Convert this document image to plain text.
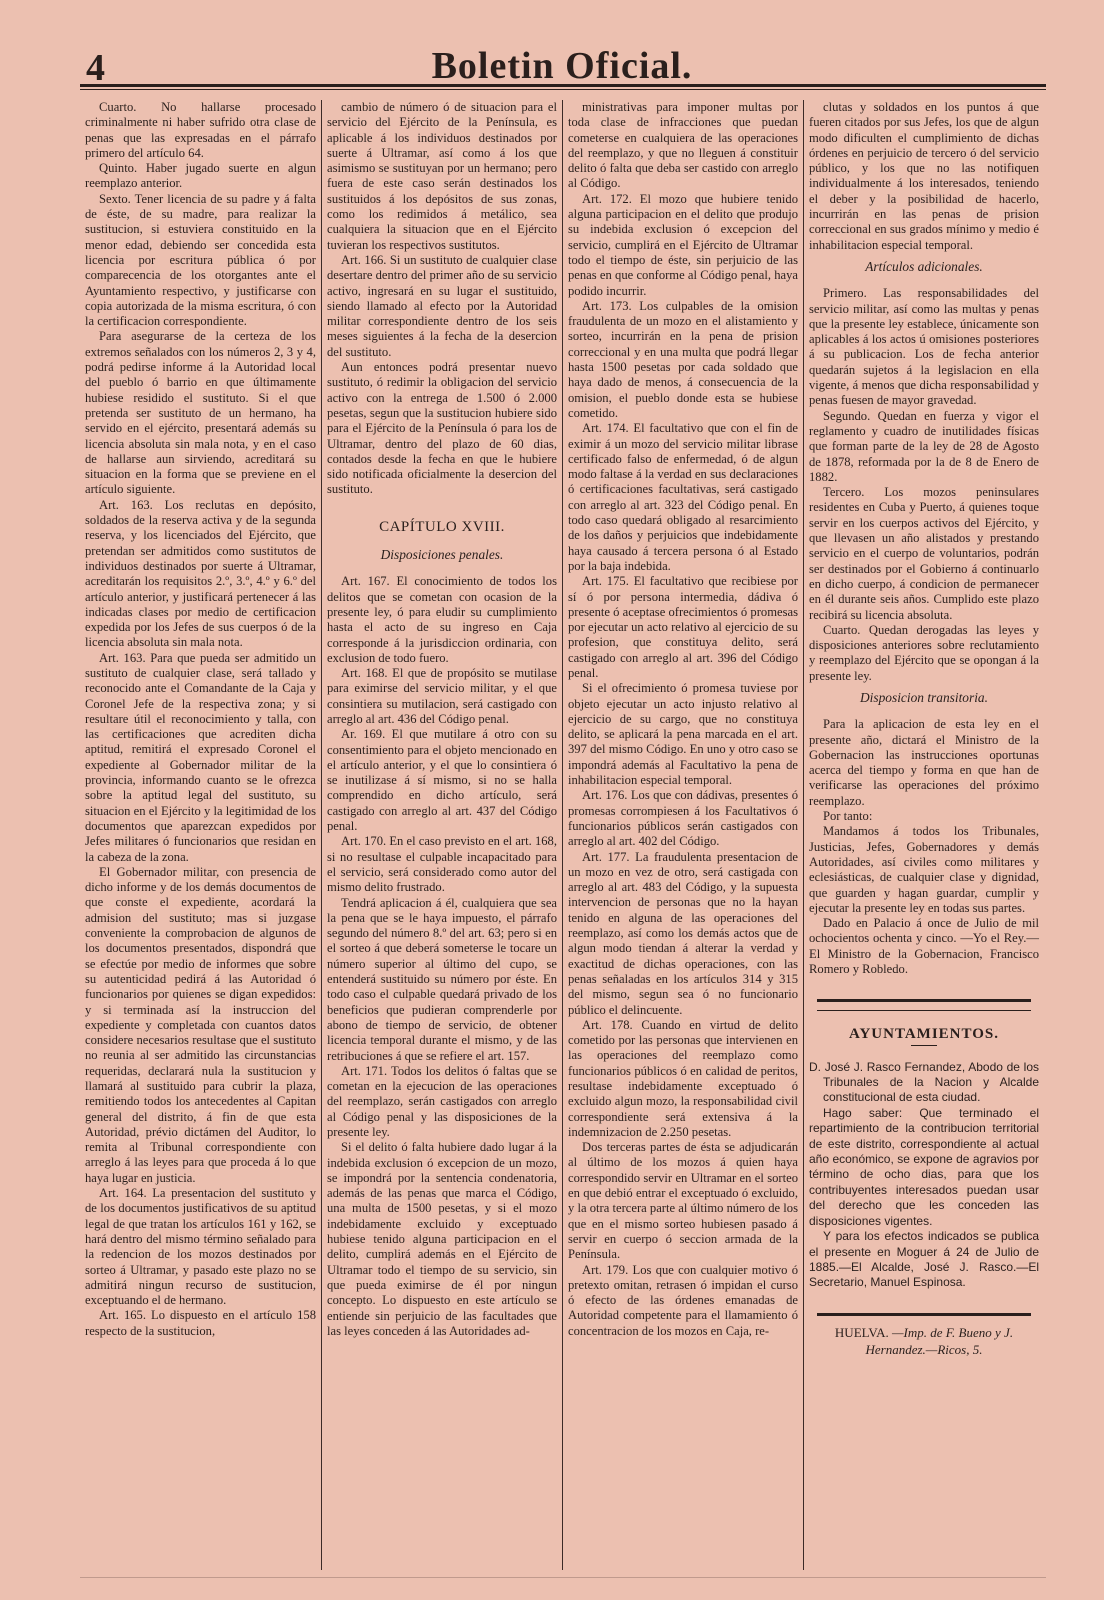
4	Boletin Oficial.

Cuarto. No hallarse procesado criminalmente ni haber sufrido otra clase de penas que las expresadas en el párrafo primero del artículo 64.

Quinto. Haber jugado suerte en algun reemplazo anterior.

Sexto. Tener licencia de su padre y á falta de éste, de su madre, para realizar la sustitucion, si estuviera constituido en la menor edad, debiendo ser concedida esta licencia por escritura pública ó por comparecencia de los otorgantes ante el Ayuntamiento respectivo, y justificarse con copia autorizada de la misma escritura, ó con la certificacion correspondiente.

Para asegurarse de la certeza de los extremos señalados con los números 2, 3 y 4, podrá pedirse informe á la Autoridad local del pueblo ó barrio en que últimamente hubiese residido el sustituto. Si el que pretenda ser sustituto de un hermano, ha servido en el ejército, presentará además su licencia absoluta sin mala nota, y en el caso de hallarse aun sirviendo, acreditará su situacion en la forma que se previene en el artículo siguiente.

Art. 163. Los reclutas en depósito, soldados de la reserva activa y de la segunda reserva, y los licenciados del Ejército, que pretendan ser admitidos como sustitutos de individuos destinados por suerte á Ultramar, acreditarán los requisitos 2.º, 3.º, 4.º y 6.º del artículo anterior, y justificará pertenecer á las indicadas clases por medio de certificacion expedida por los Jefes de sus cuerpos ó de la licencia absoluta sin mala nota.

Art. 163. Para que pueda ser admitido un sustituto de cualquier clase, será tallado y reconocido ante el Comandante de la Caja y Coronel Jefe de la respectiva zona; y si resultare útil el reconocimiento y talla, con las certificaciones que acrediten dicha aptitud, remitirá el expresado Coronel el expediente al Gobernador militar de la provincia, informando cuanto se le ofrezca sobre la aptitud legal del sustituto, su situacion en el Ejército y la legitimidad de los documentos que aparezcan expedidos por Jefes militares ó funcionarios que residan en la cabeza de la zona.

El Gobernador militar, con presencia de dicho informe y de los demás documentos de que conste el expediente, acordará la admision del sustituto; mas si juzgase conveniente la comprobacion de algunos de los documentos presentados, dispondrá que se efectúe por medio de informes que sobre su autenticidad pedirá á las Autoridad ó funcionarios por quienes se digan expedidos: y si terminada así la instruccion del expediente y completada con cuantos datos considere necesarios resultase que el sustituto no reunia al ser admitido las circunstancias requeridas, declarará nula la sustitucion y llamará al sustituido para cubrir la plaza, remitiendo todos los antecedentes al Capitan general del distrito, á fin de que esta Autoridad, prévio dictámen del Auditor, lo remita al Tribunal correspondiente con arreglo á las leyes para que proceda á lo que haya lugar en justicia.

Art. 164. La presentacion del sustituto y de los documentos justificativos de su aptitud legal de que tratan los artículos 161 y 162, se hará dentro del mismo término señalado para la redencion de los mozos destinados por sorteo á Ultramar, y pasado este plazo no se admitirá ningun recurso de sustitucion, exceptuando el de hermano.

Art. 165. Lo dispuesto en el artículo 158 respecto de la sustitucion,

cambio de número ó de situacion para el servicio del Ejército de la Península, es aplicable á los individuos destinados por suerte á Ultramar, así como á los que asimismo se sustituyan por un hermano; pero fuera de este caso serán destinados los sustituidos á los depósitos de sus zonas, como los redimidos á metálico, sea cualquiera la situacion que en el Ejército tuvieran los respectivos sustitutos.

Art. 166. Si un sustituto de cualquier clase desertare dentro del primer año de su servicio activo, ingresará en su lugar el sustituido, siendo llamado al efecto por la Autoridad militar correspondiente dentro de los seis meses siguientes á la fecha de la desercion del sustituto.

Aun entonces podrá presentar nuevo sustituto, ó redimir la obligacion del servicio activo con la entrega de 1.500 ó 2.000 pesetas, segun que la sustitucion hubiere sido para el Ejército de la Península ó para los de Ultramar, dentro del plazo de 60 dias, contados desde la fecha en que le hubiere sido notificada oficialmente la desercion del sustituto.

CAPÍTULO XVIII.

Disposiciones penales.

Art. 167. El conocimiento de todos los delitos que se cometan con ocasion de la presente ley, ó para eludir su cumplimiento hasta el acto de su ingreso en Caja corresponde á la jurisdiccion ordinaria, con exclusion de todo fuero.

Art. 168. El que de propósito se mutilase para eximirse del servicio militar, y el que consintiera su mutilacion, será castigado con arreglo al art. 436 del Código penal.

Ar. 169. El que mutilare á otro con su consentimiento para el objeto mencionado en el artículo anterior, y el que lo consintiera ó se inutilizase á sí mismo, si no se halla comprendido en dicho artículo, será castigado con arreglo al art. 437 del Código penal.

Art. 170. En el caso previsto en el art. 168, si no resultase el culpable incapacitado para el servicio, será considerado como autor del mismo delito frustrado.

Tendrá aplicacion á él, cualquiera que sea la pena que se le haya impuesto, el párrafo segundo del número 8.º del art. 63; pero si en el sorteo á que deberá someterse le tocare un número superior al último del cupo, se entenderá sustituido su número por éste. En todo caso el culpable quedará privado de los beneficios que pudieran comprenderle por abono de tiempo de servicio, de obtener licencia temporal durante el mismo, y de las retribuciones á que se refiere el art. 157.

Art. 171. Todos los delitos ó faltas que se cometan en la ejecucion de las operaciones del reemplazo, serán castigados con arreglo al Código penal y las disposiciones de la presente ley.

Si el delito ó falta hubiere dado lugar á la indebida exclusion ó excepcion de un mozo, se impondrá por la sentencia condenatoria, además de las penas que marca el Código, una multa de 1500 pesetas, y si el mozo indebidamente excluido y exceptuado hubiese tenido alguna participacion en el delito, cumplirá además en el Ejército de Ultramar todo el tiempo de su servicio, sin que pueda eximirse de él por ningun concepto. Lo dispuesto en este artículo se entiende sin perjuicio de las facultades que las leyes conceden á las Autoridades ad-

ministrativas para imponer multas por toda clase de infracciones que puedan cometerse en cualquiera de las operaciones del reemplazo, y que no lleguen á constituir delito ó falta que deba ser castido con arreglo al Código.

Art. 172. El mozo que hubiere tenido alguna participacion en el delito que produjo su indebida exclusion ó excepcion del servicio, cumplirá en el Ejército de Ultramar todo el tiempo de éste, sin perjuicio de las penas en que conforme al Código penal, haya podido incurrir.

Art. 173. Los culpables de la omision fraudulenta de un mozo en el alistamiento y sorteo, incurrirán en la pena de prision correccional y en una multa que podrá llegar hasta 1500 pesetas por cada soldado que haya dado de menos, á consecuencia de la omision, el pueblo donde esta se hubiese cometido.

Art. 174. El facultativo que con el fin de eximir á un mozo del servicio militar librase certificado falso de enfermedad, ó de algun modo faltase á la verdad en sus declaraciones ó certificaciones facultativas, será castigado con arreglo al art. 323 del Código penal. En todo caso quedará obligado al resarcimiento de los daños y perjuicios que indebidamente haya causado á tercera persona ó al Estado por la baja indebida.

Art. 175. El facultativo que recibiese por sí ó por persona intermedia, dádiva ó presente ó aceptase ofrecimientos ó promesas por ejecutar un acto relativo al ejercicio de su profesion, que constituya delito, será castigado con arreglo al art. 396 del Código penal.

Si el ofrecimiento ó promesa tuviese por objeto ejecutar un acto injusto relativo al ejercicio de su cargo, que no constituya delito, se aplicará la pena marcada en el art. 397 del mismo Código. En uno y otro caso se impondrá además al Facultativo la pena de inhabilitacion especial temporal.

Art. 176. Los que con dádivas, presentes ó promesas corrompiesen á los Facultativos ó funcionarios públicos serán castigados con arreglo al art. 402 del Código.

Art. 177. La fraudulenta presentacion de un mozo en vez de otro, será castigada con arreglo al art. 483 del Código, y la supuesta intervencion de personas que no la hayan tenido en alguna de las operaciones del reemplazo, así como los demás actos que de algun modo tiendan á alterar la verdad y exactitud de dichas operaciones, con las penas señaladas en los artículos 314 y 315 del mismo, segun sea ó no funcionario público el delincuente.

Art. 178. Cuando en virtud de delito cometido por las personas que intervienen en las operaciones del reemplazo como funcionarios públicos ó en calidad de peritos, resultase indebidamente exceptuado ó excluido algun mozo, la responsabilidad civil correspondiente será extensiva á la indemnizacion de 2.250 pesetas.

Dos terceras partes de ésta se adjudicarán al último de los mozos á quien haya correspondido servir en Ultramar en el sorteo en que debió entrar el exceptuado ó excluido, y la otra tercera parte al último número de los que en el mismo sorteo hubiesen pasado á servir en cuerpo ó seccion armada de la Península.

Art. 179. Los que con cualquier motivo ó pretexto omitan, retrasen ó impidan el curso ó efecto de las órdenes emanadas de Autoridad competente para el llamamiento ó concentracion de los mozos en Caja, re-

clutas y soldados en los puntos á que fueren citados por sus Jefes, los que de algun modo dificulten el cumplimiento de dichas órdenes en perjuicio de tercero ó del servicio público, y los que no las notifiquen individualmente á los interesados, teniendo el deber y la posibilidad de hacerlo, incurrirán en las penas de prision correccional en sus grados mínimo y medio é inhabilitacion especial temporal.

Artículos adicionales.

Primero. Las responsabilidades del servicio militar, así como las multas y penas que la presente ley establece, únicamente son aplicables á los actos ú omisiones posteriores á su publicacion. Los de fecha anterior quedarán sujetos á la legislacion en ella vigente, á menos que dicha responsabilidad y penas fuesen de mayor gravedad.

Segundo. Quedan en fuerza y vigor el reglamento y cuadro de inutilidades físicas que forman parte de la ley de 28 de Agosto de 1878, reformada por la de 8 de Enero de 1882.

Tercero. Los mozos peninsulares residentes en Cuba y Puerto, á quienes toque servir en los cuerpos activos del Ejército, y que llevasen un año alistados y prestando servicio en el cuerpo de voluntarios, podrán ser destinados por el Gobierno á continuarlo en dicho cuerpo, á condicion de permanecer en él durante seis años. Cumplido este plazo recibirá su licencia absoluta.

Cuarto. Quedan derogadas las leyes y disposiciones anteriores sobre reclutamiento y reemplazo del Ejército que se opongan á la presente ley.

Disposicion transitoria.

Para la aplicacion de esta ley en el presente año, dictará el Ministro de la Gobernacion las instrucciones oportunas acerca del tiempo y forma en que han de verificarse las operaciones del próximo reemplazo.

Por tanto:

Mandamos á todos los Tribunales, Justicias, Jefes, Gobernadores y demás Autoridades, así civiles como militares y eclesiásticas, de cualquier clase y dignidad, que guarden y hagan guardar, cumplir y ejecutar la presente ley en todas sus partes.

Dado en Palacio á once de Julio de mil ochocientos ochenta y cinco. —Yo el Rey.—El Ministro de la Gobernacion, Francisco Romero y Robledo.

AYUNTAMIENTOS.

D. José J. Rasco Fernandez, Abodo de los Tribunales de la Nacion y Alcalde constitucional de esta ciudad.

Hago saber: Que terminado el repartimiento de la contribucion territorial de este distrito, correspondiente al actual año económico, se expone de agravios por término de ocho dias, para que los contribuyentes interesados puedan usar del derecho que les conceden las disposiciones vigentes.

Y para los efectos indicados se publica el presente en Moguer á 24 de Julio de 1885.—El Alcalde, José J. Rasco.—El Secretario, Manuel Espinosa.

HUELVA. —Imp. de F. Bueno y J. Hernandez.—Ricos, 5.
